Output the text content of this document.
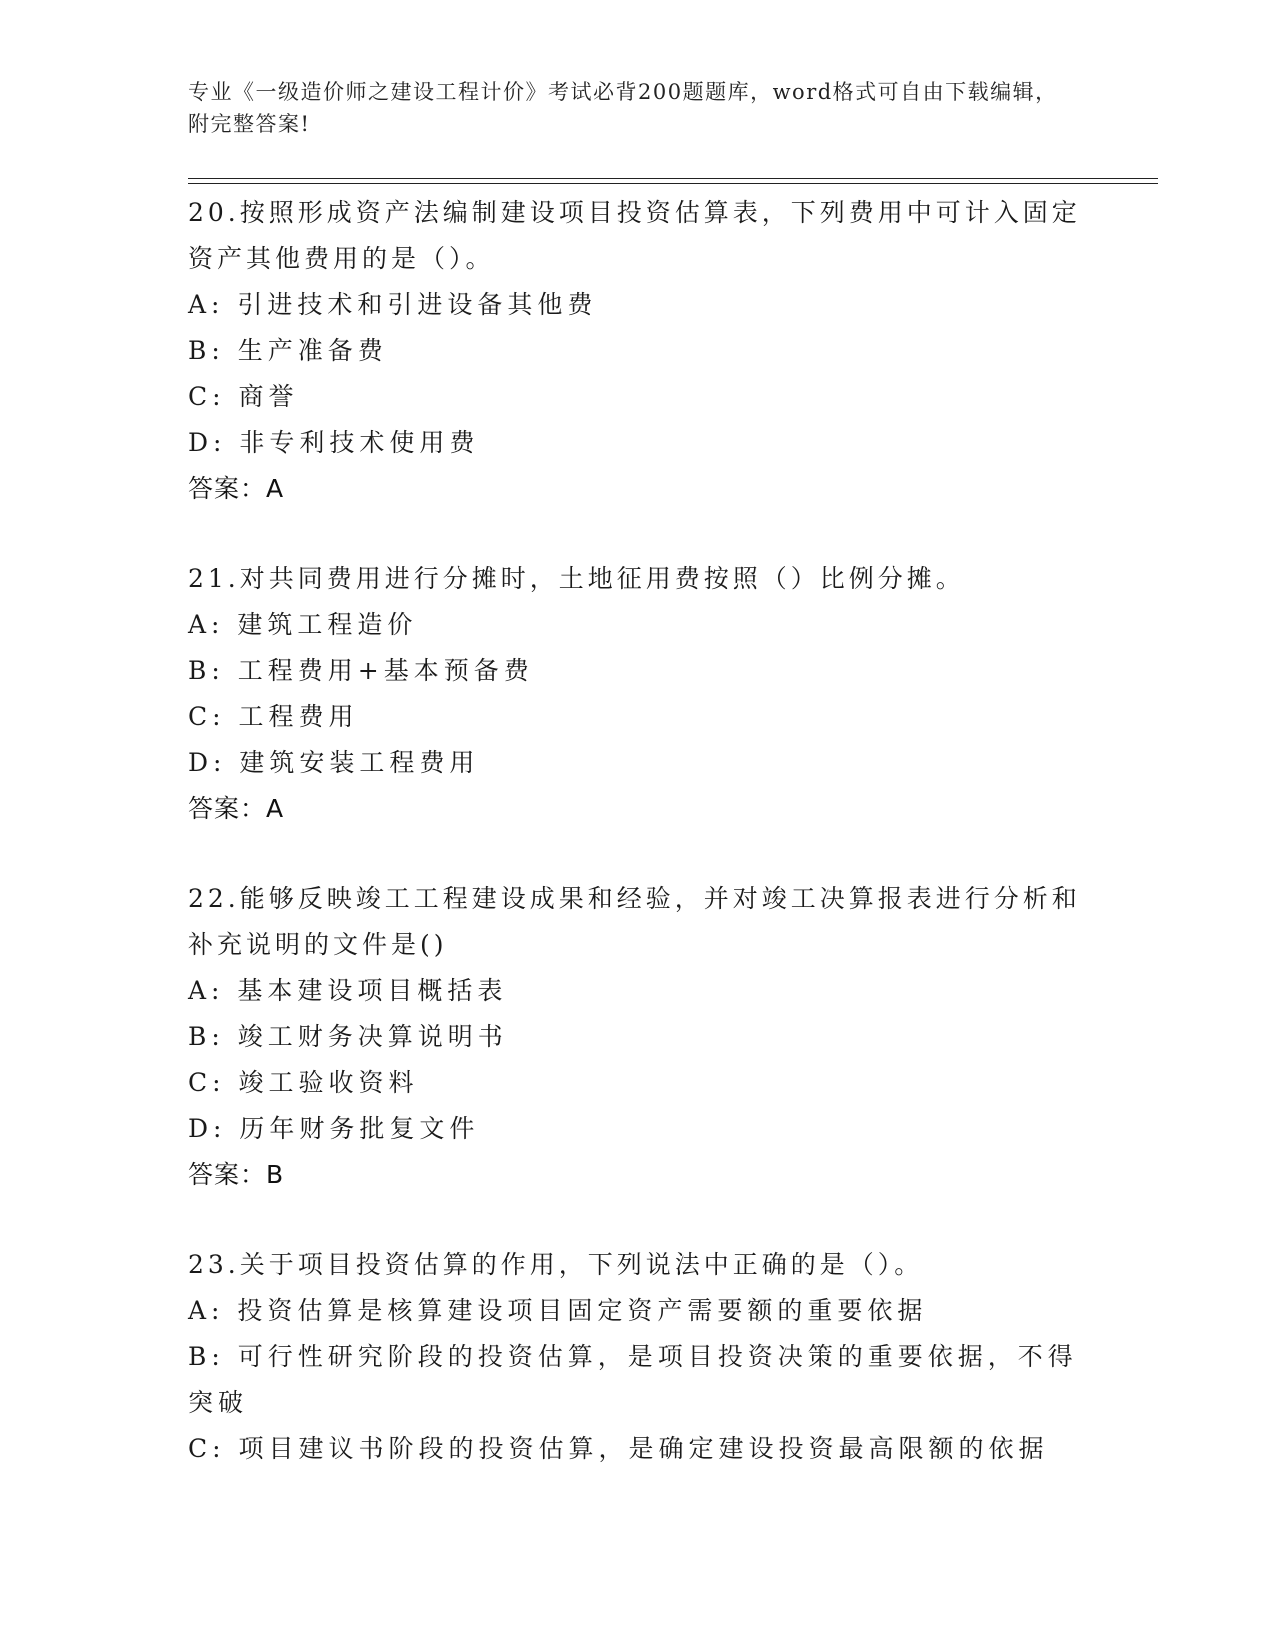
专业《一级造价师之建设工程计价》考试必背200题题库，word格式可自由下载编辑，附完整答案!
20.按照形成资产法编制建设项目投资估算表，下列费用中可计入固定资产其他费用的是（）。
A: 引进技术和引进设备其他费
B: 生产准备费
C: 商誉
D: 非专利技术使用费
答案：A
21.对共同费用进行分摊时，土地征用费按照（）比例分摊。
A: 建筑工程造价
B: 工程费用+基本预备费
C: 工程费用
D: 建筑安装工程费用
答案：A
22.能够反映竣工工程建设成果和经验，并对竣工决算报表进行分析和补充说明的文件是()
A: 基本建设项目概括表
B: 竣工财务决算说明书
C: 竣工验收资料
D: 历年财务批复文件
答案：B
23.关于项目投资估算的作用，下列说法中正确的是（）。
A: 投资估算是核算建设项目固定资产需要额的重要依据
B: 可行性研究阶段的投资估算，是项目投资决策的重要依据，不得突破
C: 项目建议书阶段的投资估算，是确定建设投资最高限额的依据
